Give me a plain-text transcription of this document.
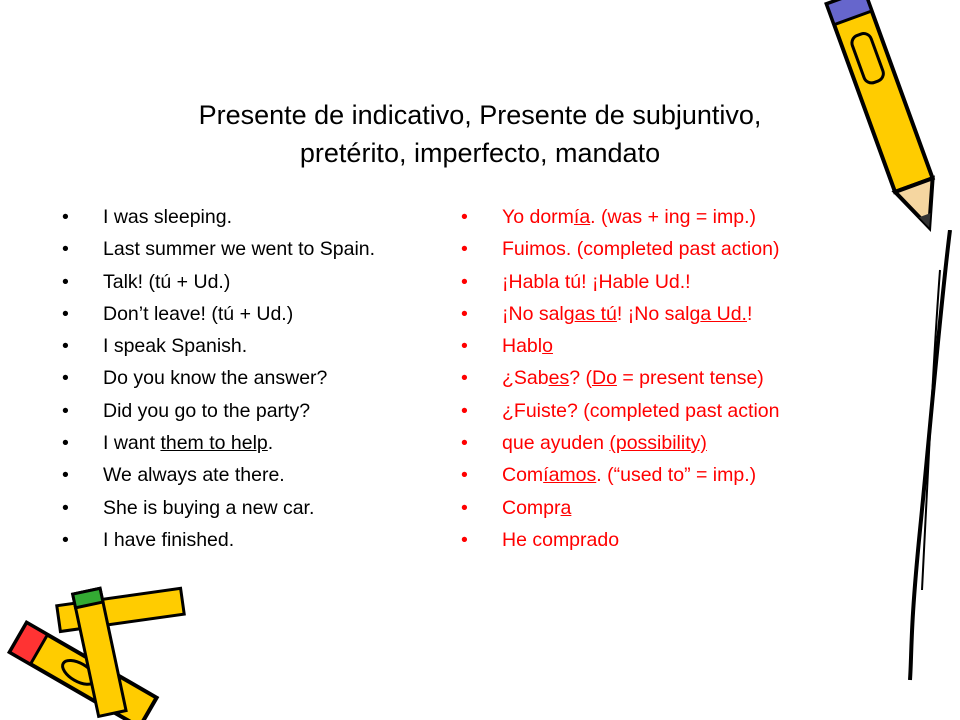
Presente de indicativo, Presente de subjuntivo,
pretérito, imperfecto, mandato
• I was sleeping.
• Last summer we went to Spain.
• Talk! (tú + Ud.)
• Don’t leave! (tú + Ud.)
• I speak Spanish.
• Do you know the answer?
• Did you go to the party?
• I want them to help.
• We always ate there.
• She is buying a new car.
• I have finished.
• Yo dormía. (was + ing = imp.)
• Fuimos. (completed past action)
• ¡Habla tú! ¡Hable Ud.!
• ¡No salgas tú! ¡No salga Ud.!
• Hablo
• ¿Sabes? (Do = present tense)
• ¿Fuiste? (completed past action
• que ayuden (possibility)
• Comíamos. (“used to” = imp.)
• Compra
• He comprado
